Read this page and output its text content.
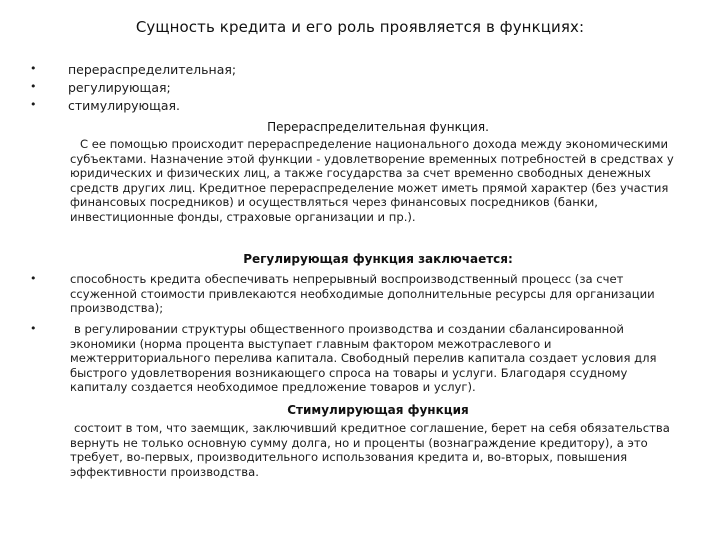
Сущность кредита и его роль проявляется в функциях:
•	перераспределительная;
•	регулирующая;
•	стимулирующая.
Перераспределительная функция.
С ее помощью происходит перераспределение национального дохода между экономическими субъектами. Назначение этой функции - удовлетворение временных потребностей в средствах у юридических и физических лиц, а также государства за счет временно свободных денежных средств других лиц. Кредитное перераспределение может иметь прямой характер (без участия финансовых посредников) и осуществляться через финансовых посредников (банки, инвестиционные фонды, страховые организации и пр.).
Регулирующая функция заключается:
•	способность кредита обеспечивать непрерывный воспроизводственный процесс (за счет ссуженной стоимости привлекаются необходимые дополнительные ресурсы для организации производства);
•	в регулировании структуры общественного производства и создании сбалансированной экономики (норма процента выступает главным фактором межотраслевого и межтерриториального перелива капитала. Свободный перелив капитала создает условия для быстрого удовлетворения возникающего спроса на товары и услуги. Благодаря ссудному капиталу создается необходимое предложение товаров и услуг).
Стимулирующая функция
состоит в том, что заемщик, заключивший кредитное соглашение, берет на себя обязательства вернуть не только основную сумму долга, но и проценты (вознаграждение кредитору), а это требует, во-первых, производительного использования кредита и, во-вторых, повышения эффективности производства.
